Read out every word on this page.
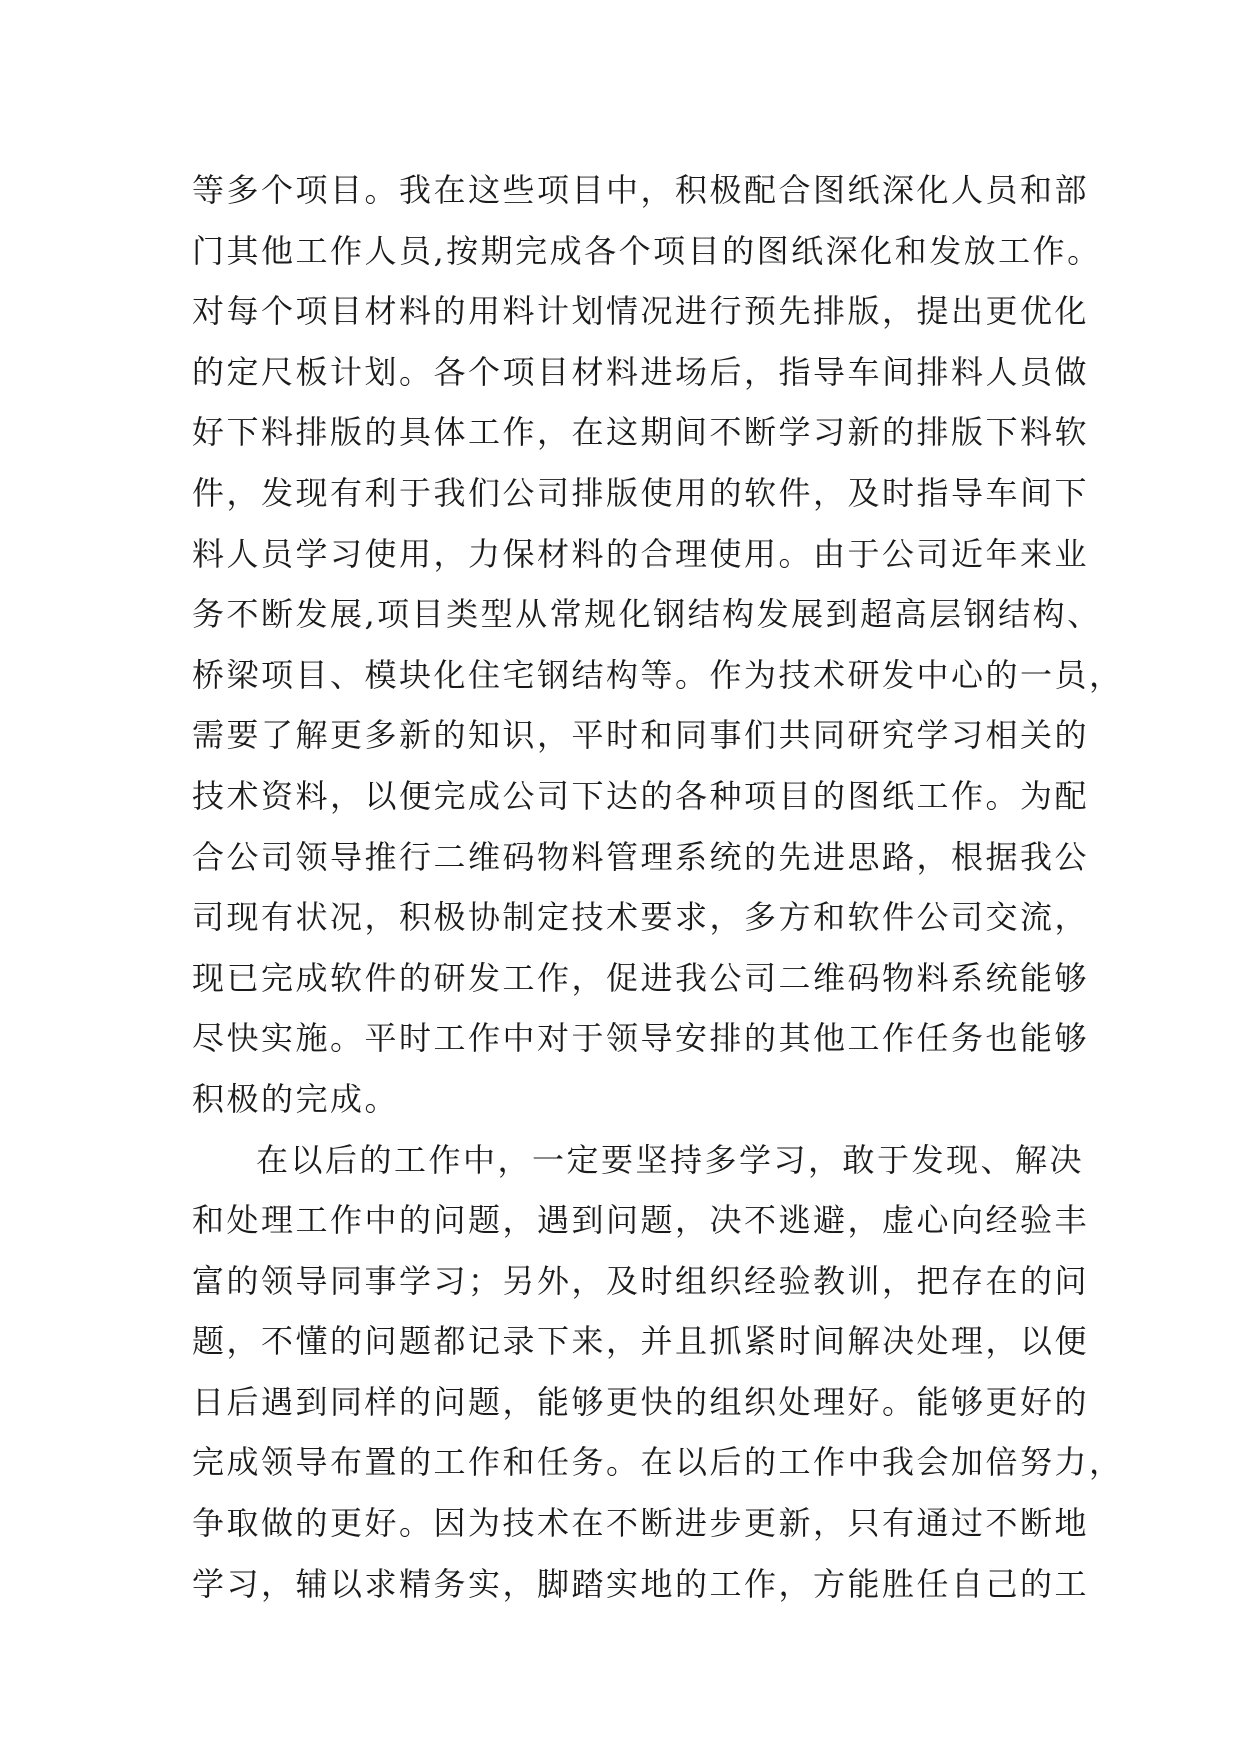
等多个项目。我在这些项目中，积极配合图纸深化人员和部
门其他工作人员,按期完成各个项目的图纸深化和发放工作。
对每个项目材料的用料计划情况进行预先排版，提出更优化
的定尺板计划。各个项目材料进场后，指导车间排料人员做
好下料排版的具体工作，在这期间不断学习新的排版下料软
件，发现有利于我们公司排版使用的软件，及时指导车间下
料人员学习使用，力保材料的合理使用。由于公司近年来业
务不断发展,项目类型从常规化钢结构发展到超高层钢结构、
桥梁项目、模块化住宅钢结构等。作为技术研发中心的一员，
需要了解更多新的知识，平时和同事们共同研究学习相关的
技术资料，以便完成公司下达的各种项目的图纸工作。为配
合公司领导推行二维码物料管理系统的先进思路，根据我公
司现有状况，积极协制定技术要求，多方和软件公司交流，
现已完成软件的研发工作，促进我公司二维码物料系统能够
尽快实施。平时工作中对于领导安排的其他工作任务也能够
积极的完成。
在以后的工作中，一定要坚持多学习，敢于发现、解决
和处理工作中的问题，遇到问题，决不逃避，虚心向经验丰
富的领导同事学习；另外，及时组织经验教训，把存在的问
题，不懂的问题都记录下来，并且抓紧时间解决处理，以便
日后遇到同样的问题，能够更快的组织处理好。能够更好的
完成领导布置的工作和任务。在以后的工作中我会加倍努力，
争取做的更好。因为技术在不断进步更新，只有通过不断地
学习，辅以求精务实，脚踏实地的工作，方能胜任自己的工
